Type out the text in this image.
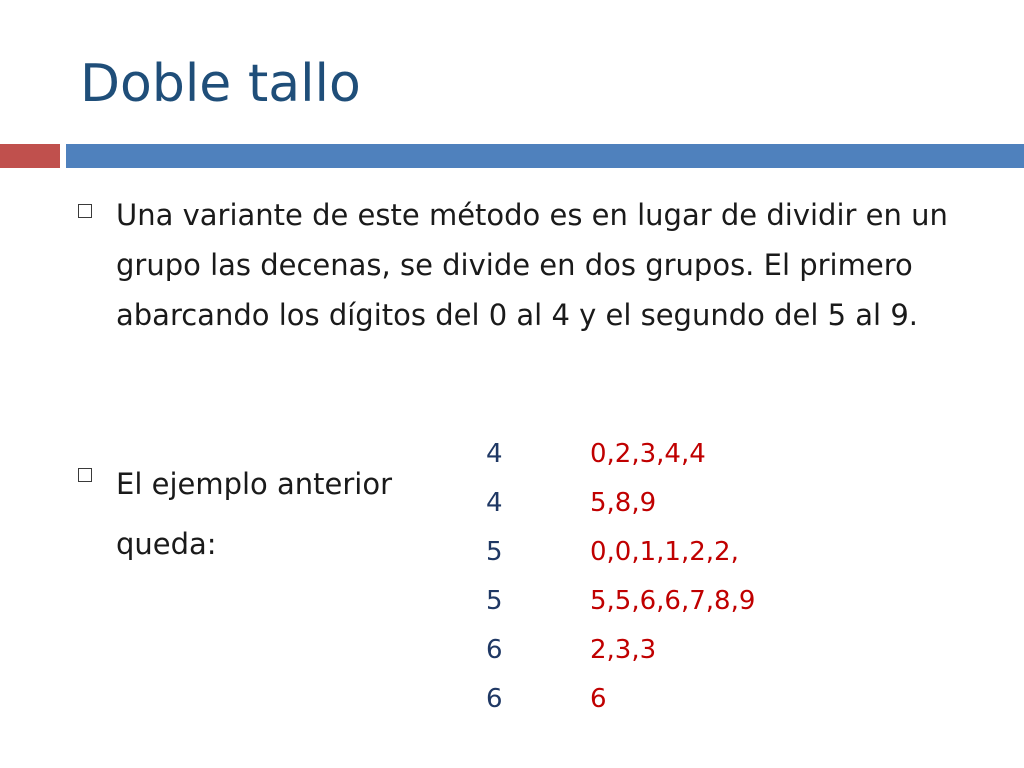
Doble tallo
Una variante de este método es en lugar de dividir en un grupo las decenas, se divide en dos grupos. El primero abarcando los dígitos del 0 al 4 y el segundo del 5 al 9.
El ejemplo anterior queda:
4	0,2,3,4,4
4	5,8,9
5	0,0,1,1,2,2,
5	5,5,6,6,7,8,9
6	2,3,3
6	6
